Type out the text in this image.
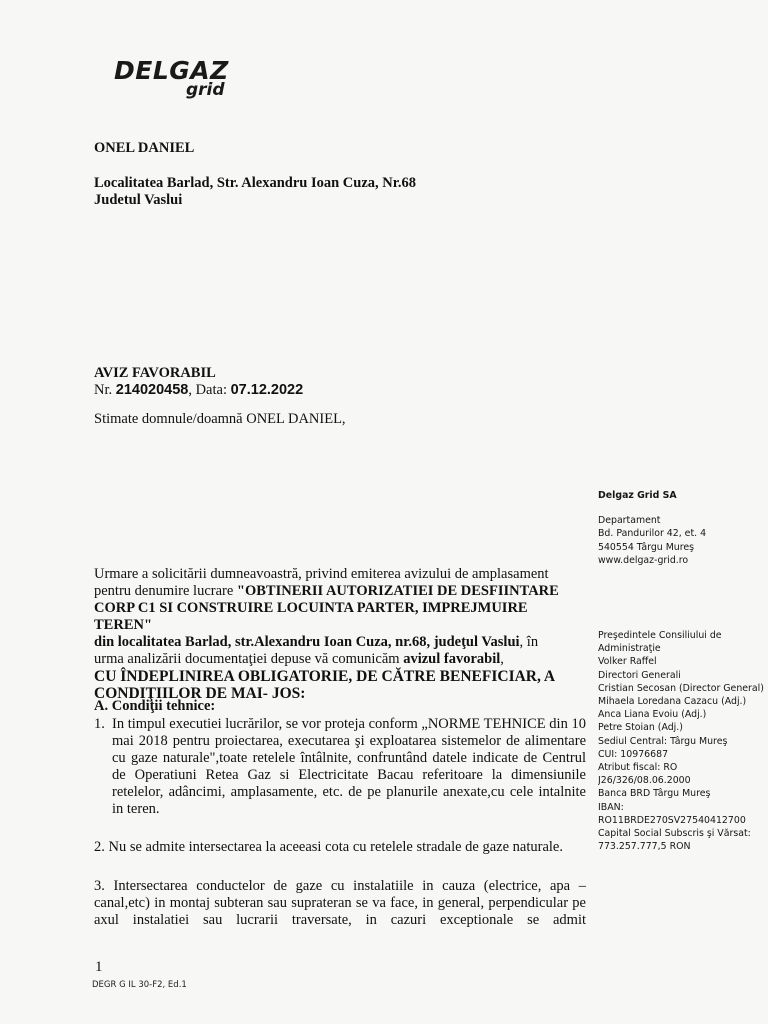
DELGAZ
grid
ONEL DANIEL
Localitatea Barlad, Str. Alexandru Ioan Cuza, Nr.68
Judetul Vaslui
AVIZ FAVORABIL
Nr. 214020458, Data: 07.12.2022
Stimate domnule/doamnă ONEL DANIEL,
Delgaz Grid SA
Departament
Bd. Pandurilor 42, et. 4
540554 Târgu Mureş
www.delgaz-grid.ro
Preşedintele Consiliului de
Administraţie
Volker Raffel
Directori Generali
Cristian Secosan (Director General)
Mihaela Loredana Cazacu (Adj.)
Anca Liana Evoiu (Adj.)
Petre Stoian (Adj.)
Sediul Central: Târgu Mureş
CUI: 10976687
Atribut fiscal: RO
J26/326/08.06.2000
Banca BRD Târgu Mureş
IBAN:
RO11BRDE270SV27540412700
Capital Social Subscris şi Vărsat:
773.257.777,5 RON
Urmare a solicitării dumneavoastră, privind emiterea avizului de amplasament
pentru denumire lucrare "OBTINERII AUTORIZATIEI DE DESFIINTARE
CORP C1 SI CONSTRUIRE LOCUINTA PARTER, IMPREJMUIRE TEREN"
din localitatea Barlad, str.Alexandru Ioan Cuza, nr.68, judeţul Vaslui, în
urma analizării documentaţiei depuse vă comunicăm avizul favorabil,
CU ÎNDEPLINIREA OBLIGATORIE, DE CĂTRE BENEFICIAR, A
CONDIŢIILOR DE MAI- JOS:
A. Condiţii tehnice:
1. In timpul executiei lucrărilor, se vor proteja conform „NORME TEHNICE din 10 mai 2018 pentru proiectarea, executarea şi exploatarea sistemelor de alimentare cu gaze naturale",toate retelele întâlnite, confruntând datele indicate de Centrul de Operatiuni Retea Gaz si Electricitate Bacau referitoare la dimensiunile retelelor, adâncimi, amplasamente, etc. de pe planurile anexate,cu cele intalnite in teren.
2. Nu se admite intersectarea la aceeasi cota cu retelele stradale de gaze naturale.
3. Intersectarea conductelor de gaze cu instalatiile in cauza (electrice, apa – canal,etc) in montaj subteran sau suprateran se va face, in general, perpendicular pe axul instalatiei sau lucrarii traversate, in cazuri exceptionale se admit
1
DEGR G IL 30-F2, Ed.1
